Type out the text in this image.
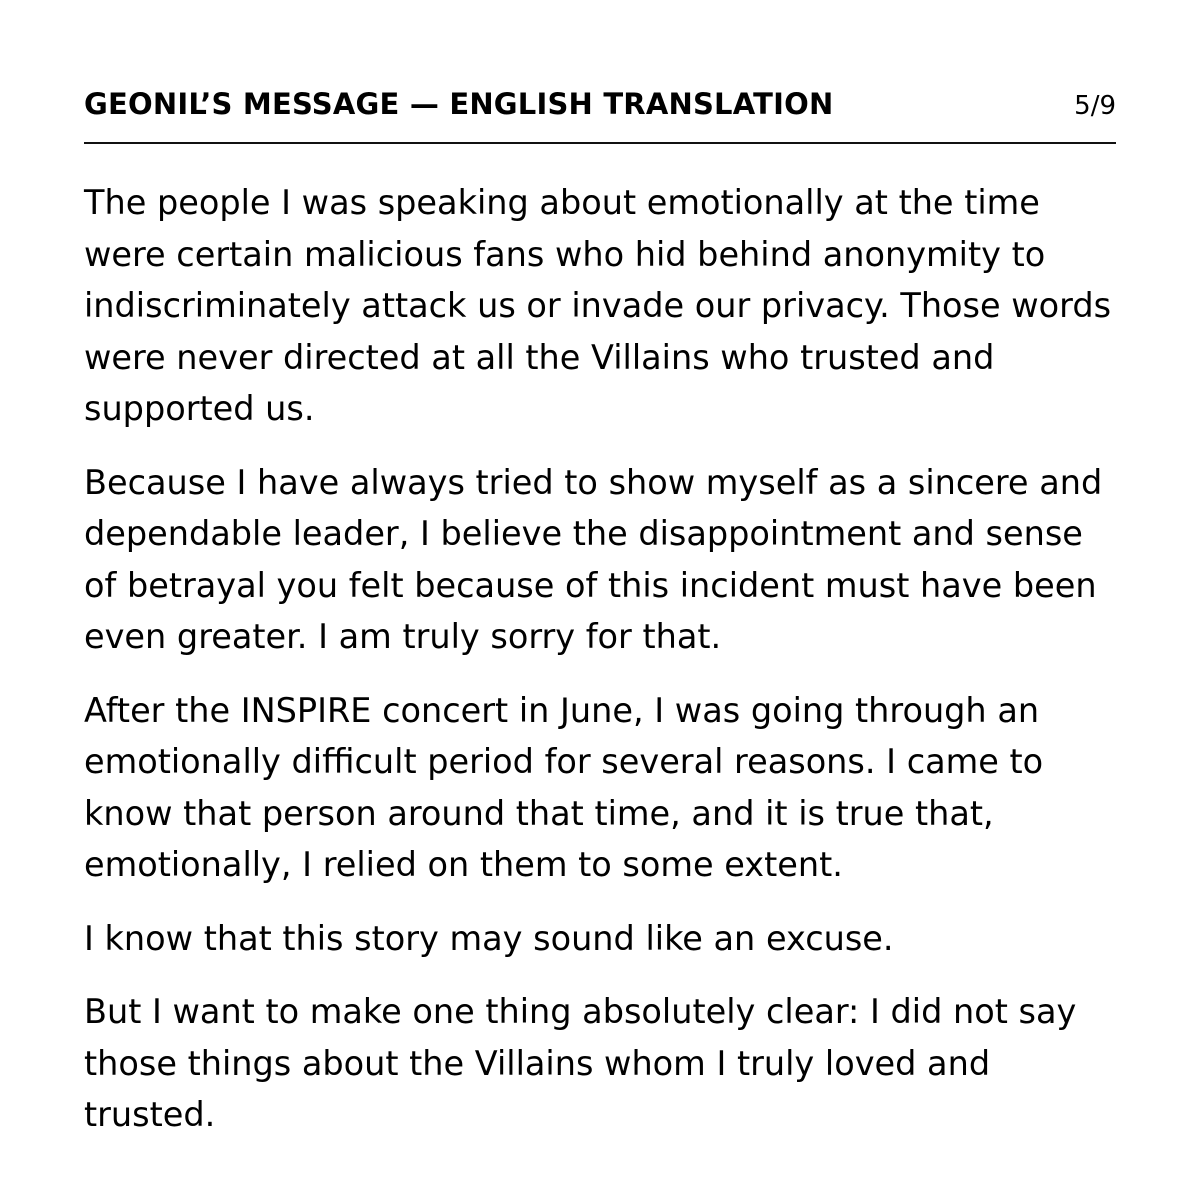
GEONIL’S MESSAGE — ENGLISH TRANSLATION	5/9

The people I was speaking about emotionally at the time were certain malicious fans who hid behind anonymity to indiscriminately attack us or invade our privacy. Those words were never directed at all the Villains who trusted and supported us.

Because I have always tried to show myself as a sincere and dependable leader, I believe the disappointment and sense of betrayal you felt because of this incident must have been even greater. I am truly sorry for that.

After the INSPIRE concert in June, I was going through an emotionally difficult period for several reasons. I came to know that person around that time, and it is true that, emotionally, I relied on them to some extent.

I know that this story may sound like an excuse.

But I want to make one thing absolutely clear: I did not say those things about the Villains whom I truly loved and trusted.
